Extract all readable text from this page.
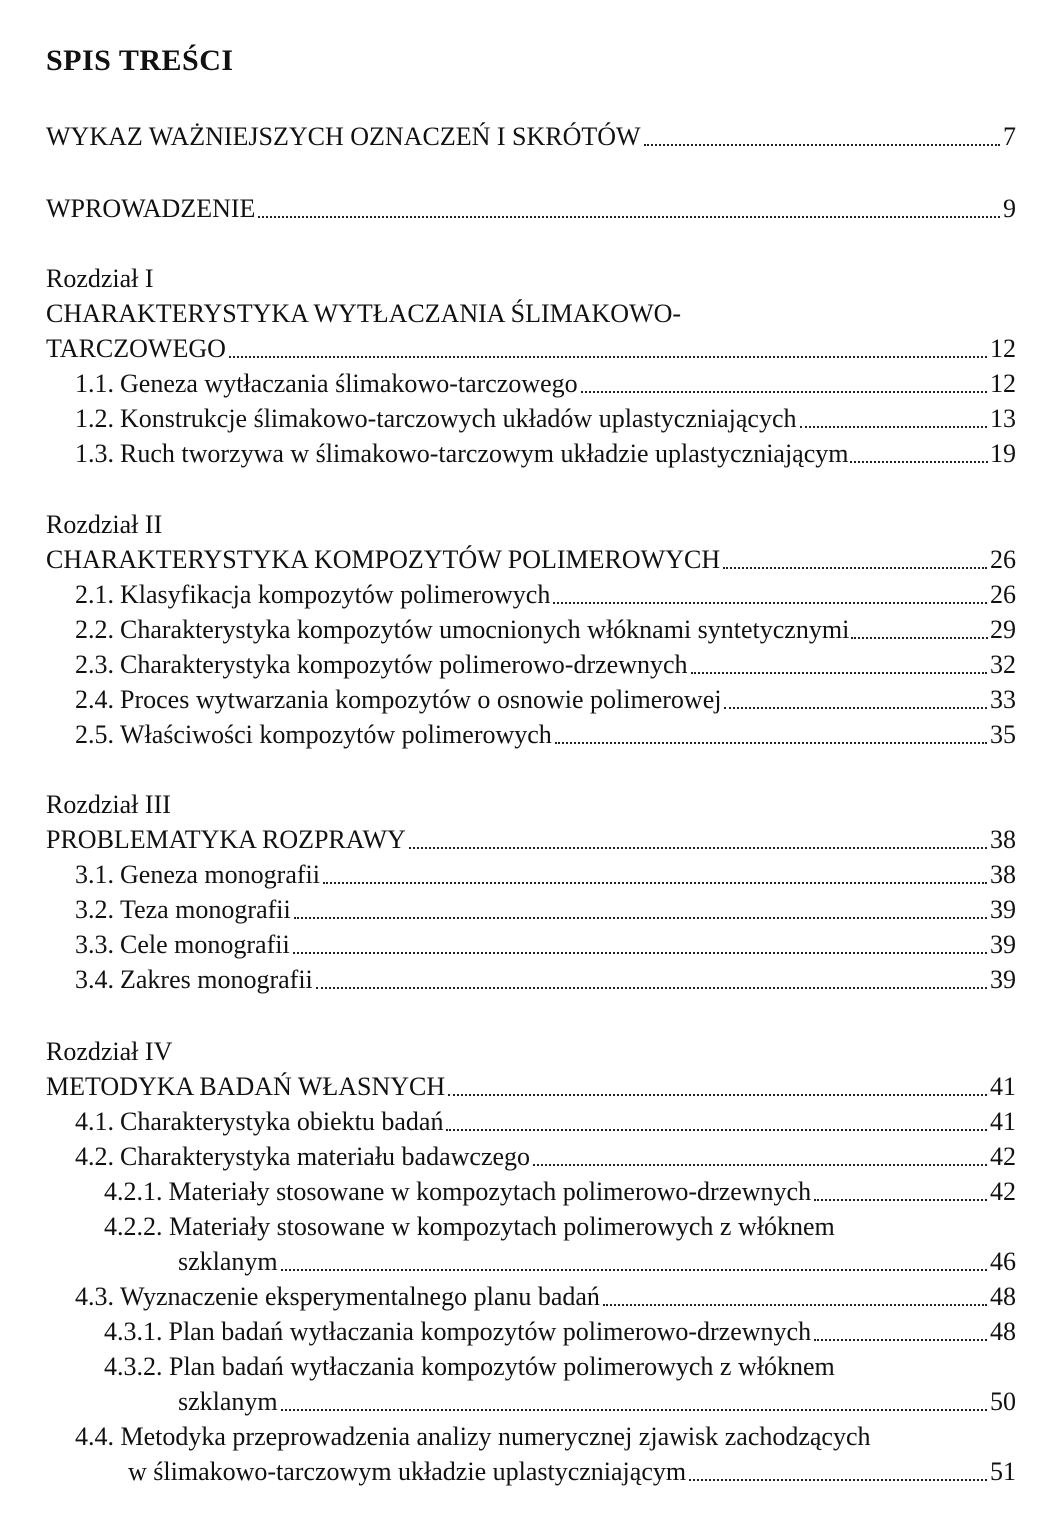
SPIS TREŚCI
WYKAZ WAŻNIEJSZYCH OZNACZEŃ I SKRÓTÓW	7
WPROWADZENIE	9
Rozdział I
CHARAKTERYSTYKA WYTŁACZANIA ŚLIMAKOWO-
TARCZOWEGO	12
1.1. Geneza wytłaczania ślimakowo-tarczowego	12
1.2. Konstrukcje ślimakowo-tarczowych układów uplastyczniających	13
1.3. Ruch tworzywa w ślimakowo-tarczowym układzie uplastyczniającym	19
Rozdział II
CHARAKTERYSTYKA KOMPOZYTÓW POLIMEROWYCH	26
2.1. Klasyfikacja kompozytów polimerowych	26
2.2. Charakterystyka kompozytów umocnionych włóknami syntetycznymi	29
2.3. Charakterystyka kompozytów polimerowo-drzewnych	32
2.4. Proces wytwarzania kompozytów o osnowie polimerowej	33
2.5. Właściwości kompozytów polimerowych	35
Rozdział III
PROBLEMATYKA ROZPRAWY	38
3.1. Geneza monografii	38
3.2. Teza monografii	39
3.3. Cele monografii	39
3.4. Zakres monografii	39
Rozdział IV
METODYKA BADAŃ WŁASNYCH	41
4.1. Charakterystyka obiektu badań	41
4.2. Charakterystyka materiału badawczego	42
4.2.1. Materiały stosowane w kompozytach polimerowo-drzewnych	42
4.2.2. Materiały stosowane w kompozytach polimerowych z włóknem
szklanym	46
4.3. Wyznaczenie eksperymentalnego planu badań	48
4.3.1. Plan badań wytłaczania kompozytów polimerowo-drzewnych	48
4.3.2. Plan badań wytłaczania kompozytów polimerowych z włóknem
szklanym	50
4.4. Metodyka przeprowadzenia analizy numerycznej zjawisk zachodzących
w ślimakowo-tarczowym układzie uplastyczniającym	51
